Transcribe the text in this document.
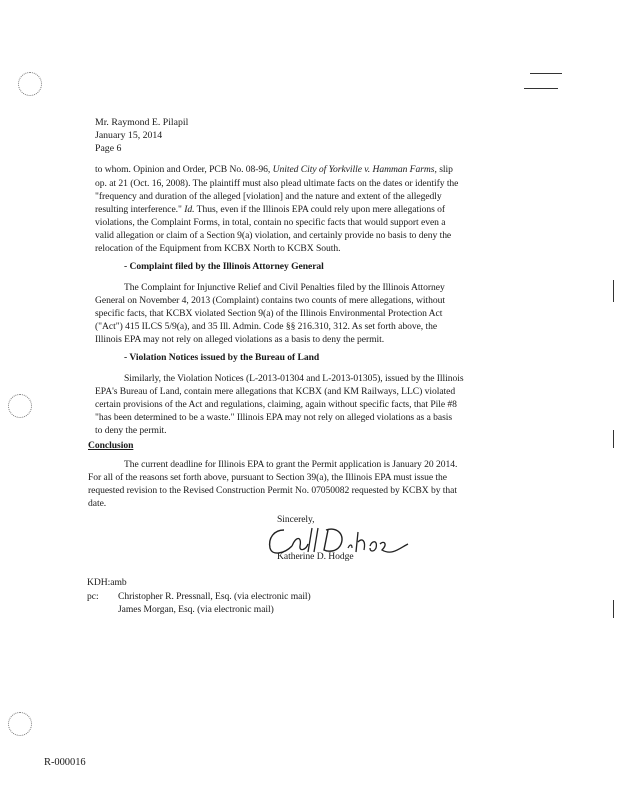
Mr. Raymond E. Pilapil
January 15, 2014
Page 6
to whom. Opinion and Order, PCB No. 08-96, United City of Yorkville v. Hamman Farms, slip
op. at 21 (Oct. 16, 2008). The plaintiff must also plead ultimate facts on the dates or identify the
"frequency and duration of the alleged [violation] and the nature and extent of the allegedly
resulting interference." Id. Thus, even if the Illinois EPA could rely upon mere allegations of
violations, the Complaint Forms, in total, contain no specific facts that would support even a
valid allegation or claim of a Section 9(a) violation, and certainly provide no basis to deny the
relocation of the Equipment from KCBX North to KCBX South.
- Complaint filed by the Illinois Attorney General
The Complaint for Injunctive Relief and Civil Penalties filed by the Illinois Attorney
General on November 4, 2013 (Complaint) contains two counts of mere allegations, without
specific facts, that KCBX violated Section 9(a) of the Illinois Environmental Protection Act
("Act") 415 ILCS 5/9(a), and 35 Ill. Admin. Code §§ 216.310, 312. As set forth above, the
Illinois EPA may not rely on alleged violations as a basis to deny the permit.
- Violation Notices issued by the Bureau of Land
Similarly, the Violation Notices (L-2013-01304 and L-2013-01305), issued by the Illinois
EPA's Bureau of Land, contain mere allegations that KCBX (and KM Railways, LLC) violated
certain provisions of the Act and regulations, claiming, again without specific facts, that Pile #8
"has been determined to be a waste." Illinois EPA may not rely on alleged violations as a basis
to deny the permit.
Conclusion
The current deadline for Illinois EPA to grant the Permit application is January 20 2014.
For all of the reasons set forth above, pursuant to Section 39(a), the Illinois EPA must issue the
requested revision to the Revised Construction Permit No. 07050082 requested by KCBX by that
date.
Sincerely,
Katherine D. Hodge
KDH:amb
pc: Christopher R. Pressnall, Esq. (via electronic mail)
James Morgan, Esq. (via electronic mail)
R-000016
